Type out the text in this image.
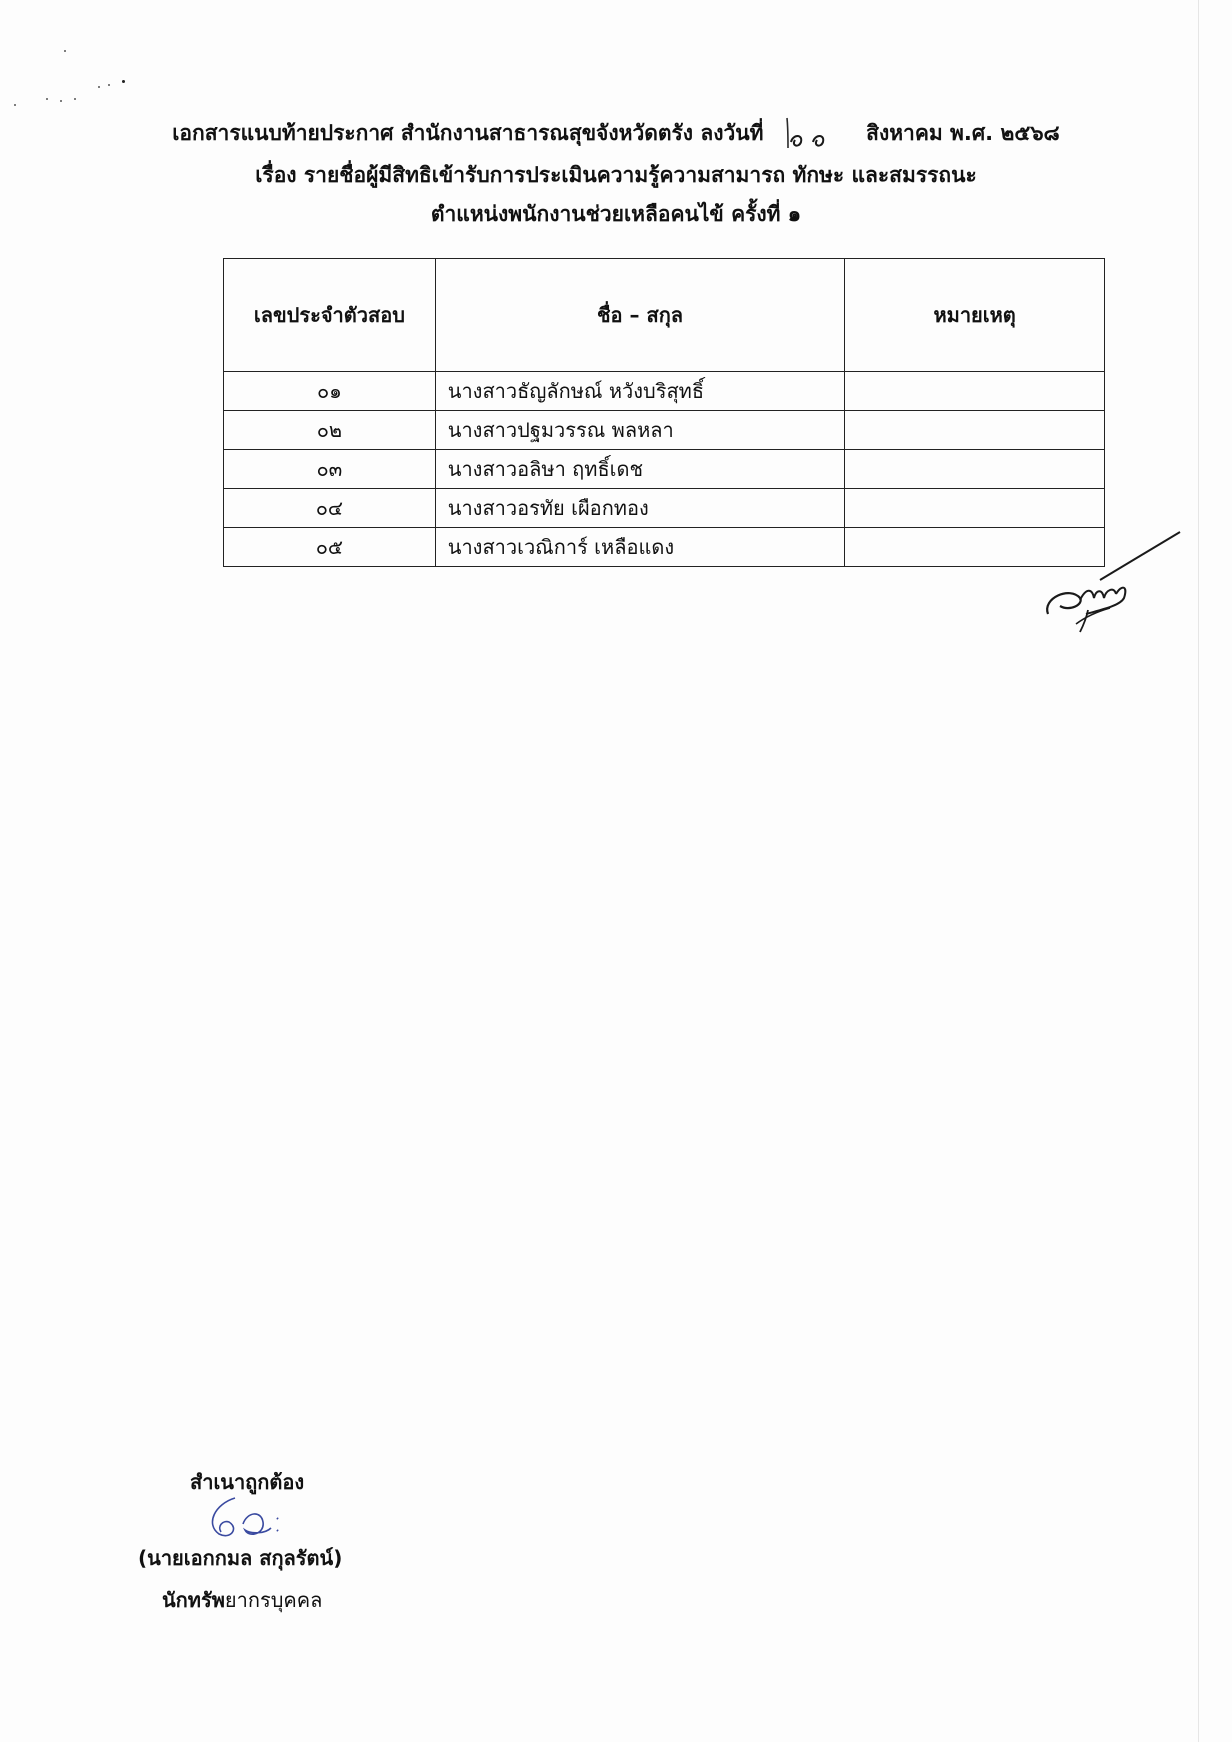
เอกสารแนบท้ายประกาศ สำนักงานสาธารณสุขจังหวัดตรัง ลงวันที่	สิงหาคม พ.ศ. ๒๕๖๘
เรื่อง รายชื่อผู้มีสิทธิเข้ารับการประเมินความรู้ความสามารถ ทักษะ และสมรรถนะ
ตำแหน่งพนักงานช่วยเหลือคนไข้ ครั้งที่ ๑
เลขประจำตัวสอบ	ชื่อ – สกุล	หมายเหตุ
๐๑	นางสาวธัญลักษณ์ หวังบริสุทธิ์	
๐๒	นางสาวปฐมวรรณ พลหลา	
๐๓	นางสาวอลิษา ฤทธิ์เดช	
๐๔	นางสาวอรทัย เผือกทอง	
๐๕	นางสาวเวณิการ์ เหลือแดง	
สำเนาถูกต้อง
(นายเอกกมล สกุลรัตน์)
นักทรัพยากรบุคคล
